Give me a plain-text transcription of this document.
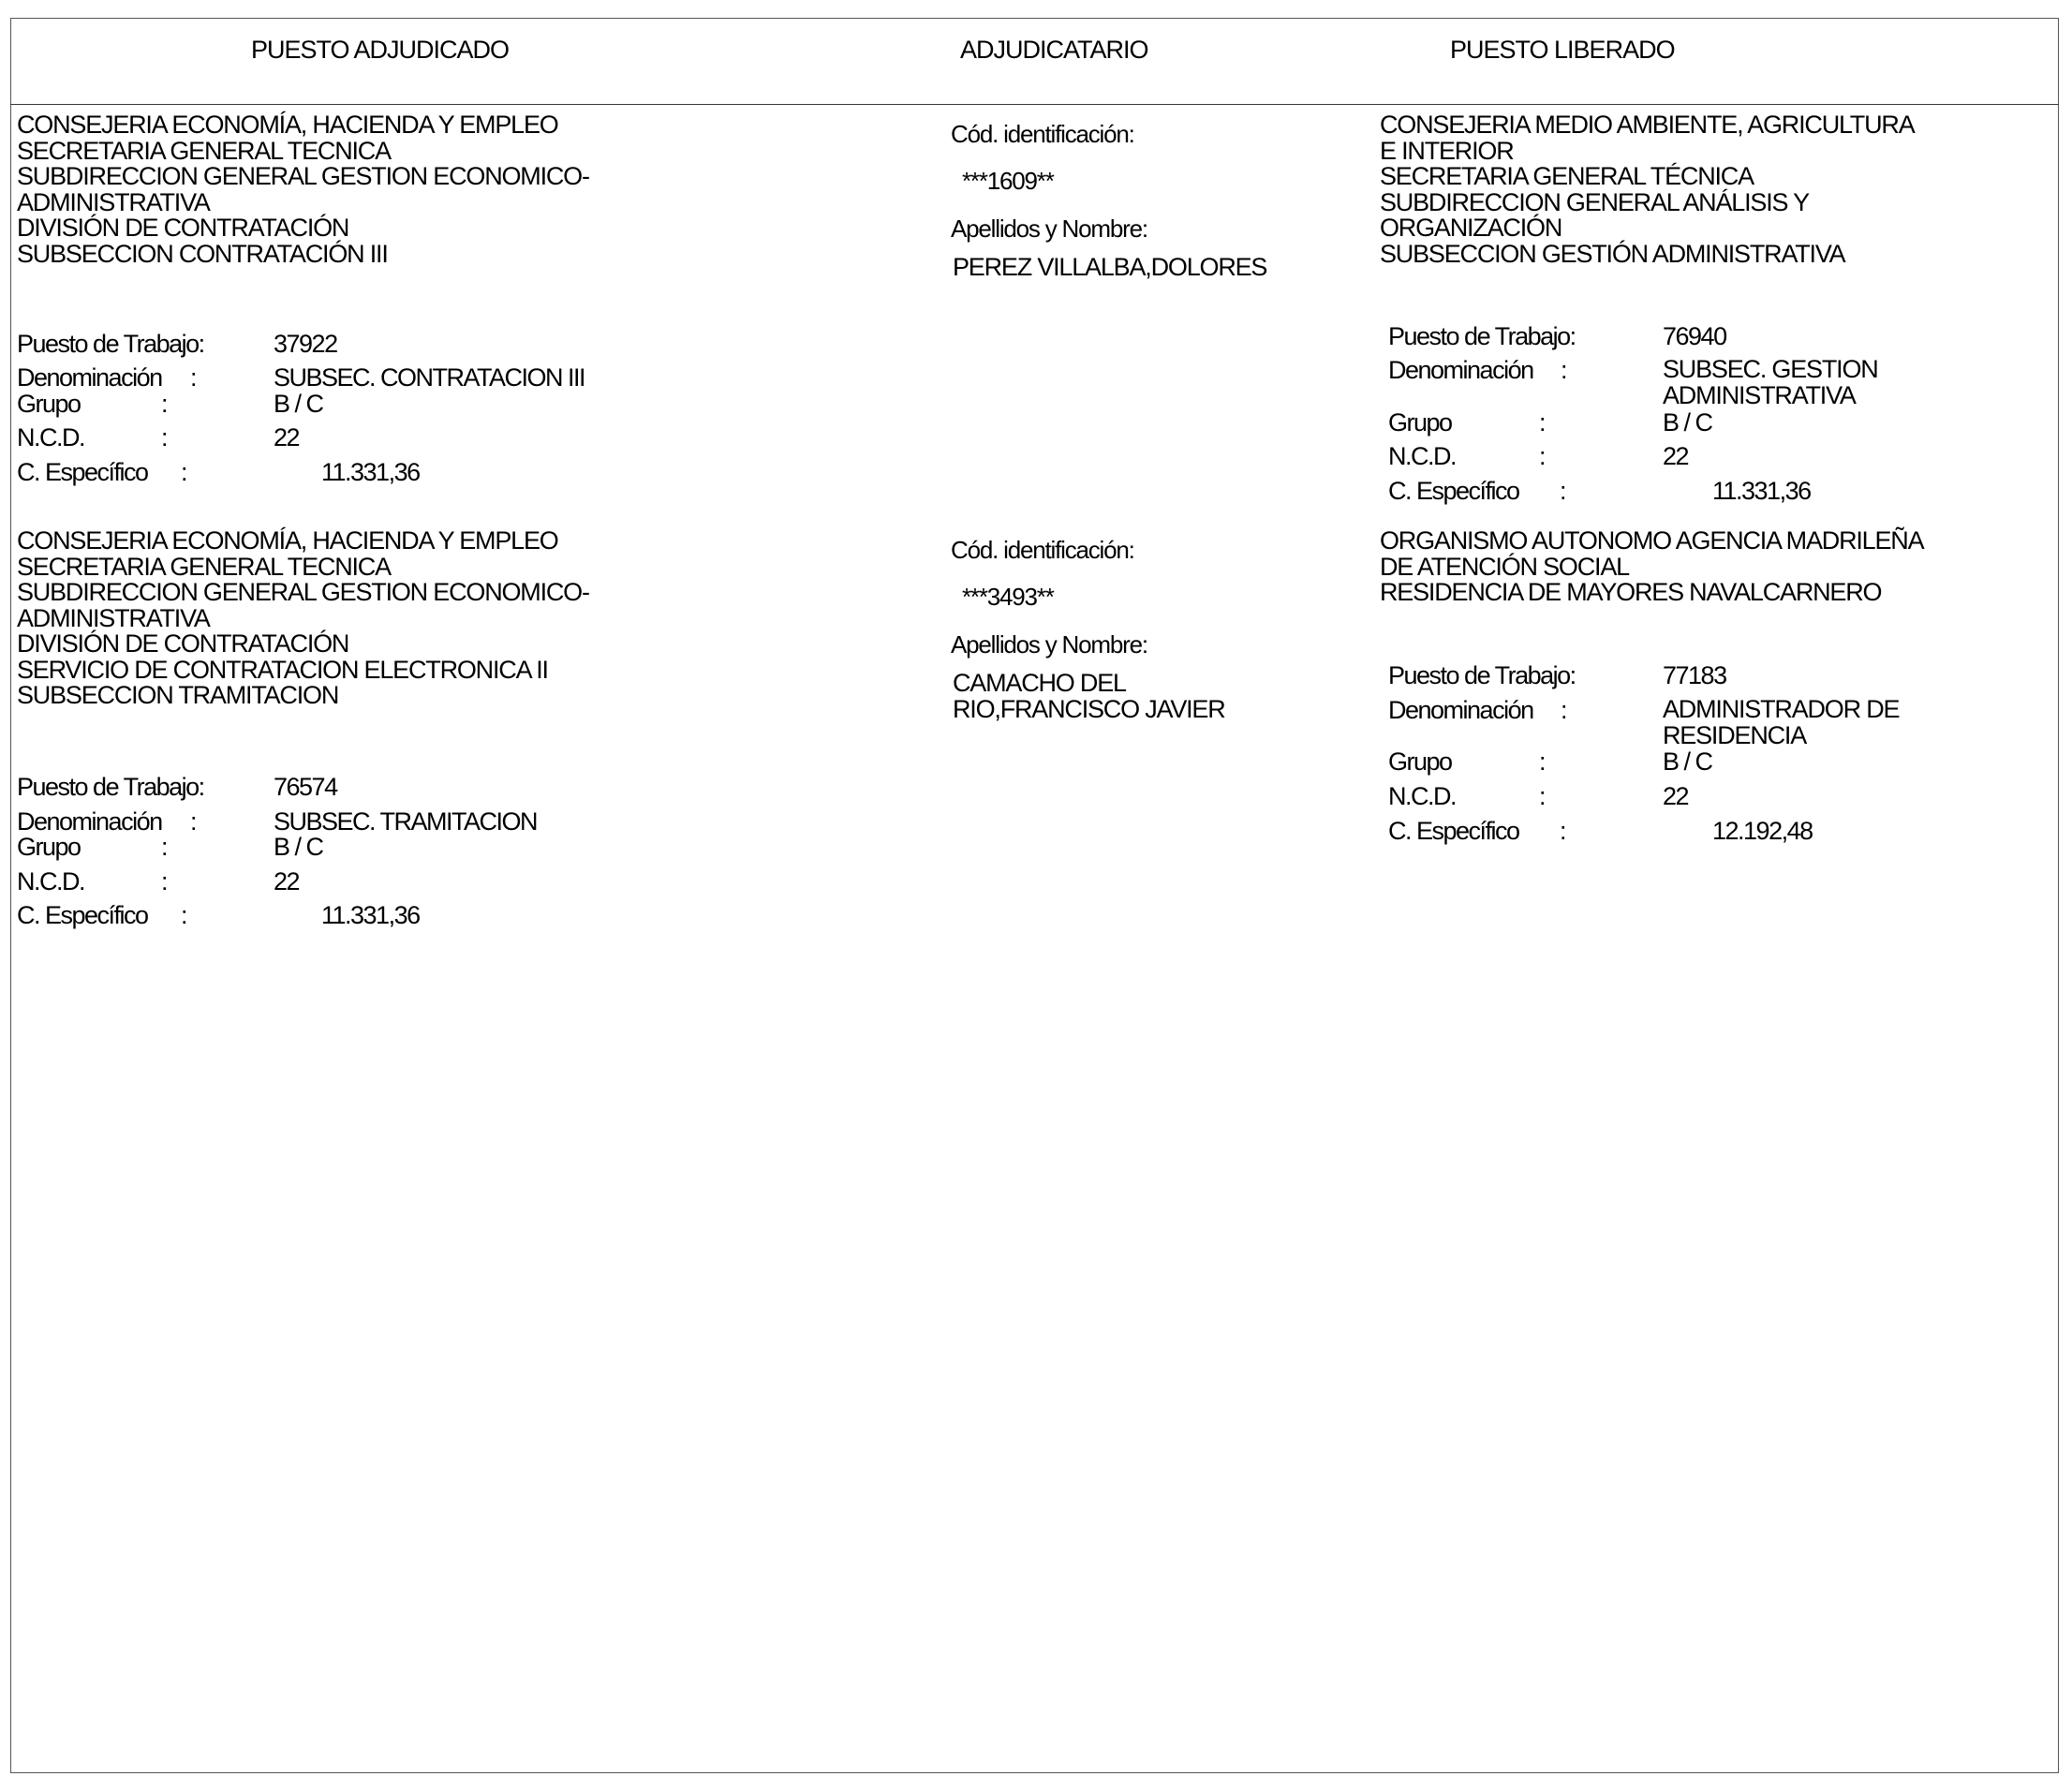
PUESTO ADJUDICADO	ADJUDICATARIO	PUESTO LIBERADO
CONSEJERIA ECONOMÍA, HACIENDA Y EMPLEO
SECRETARIA GENERAL TECNICA
SUBDIRECCION GENERAL GESTION ECONOMICO-
ADMINISTRATIVA
DIVISIÓN DE CONTRATACIÓN
SUBSECCION CONTRATACIÓN III
Puesto de Trabajo:	37922
Denominación :	SUBSEC. CONTRATACION III
Grupo	:	B / C
N.C.D.	:	22
C. Específico :	11.331,36
Cód. identificación:
***1609**
Apellidos y Nombre:
PEREZ VILLALBA,DOLORES
CONSEJERIA MEDIO AMBIENTE, AGRICULTURA
E INTERIOR
SECRETARIA GENERAL TÉCNICA
SUBDIRECCION GENERAL ANÁLISIS Y
ORGANIZACIÓN
SUBSECCION GESTIÓN ADMINISTRATIVA
Puesto de Trabajo:	76940
Denominación :	SUBSEC. GESTION
ADMINISTRATIVA
Grupo	:	B / C
N.C.D.	:	22
C. Específico :	11.331,36
CONSEJERIA ECONOMÍA, HACIENDA Y EMPLEO
SECRETARIA GENERAL TECNICA
SUBDIRECCION GENERAL GESTION ECONOMICO-
ADMINISTRATIVA
DIVISIÓN DE CONTRATACIÓN
SERVICIO DE CONTRATACION ELECTRONICA II
SUBSECCION TRAMITACION
Puesto de Trabajo:	76574
Denominación :	SUBSEC. TRAMITACION
Grupo	:	B / C
N.C.D.	:	22
C. Específico :	11.331,36
Cód. identificación:
***3493**
Apellidos y Nombre:
CAMACHO DEL
RIO,FRANCISCO JAVIER
ORGANISMO AUTONOMO AGENCIA MADRILEÑA
DE ATENCIÓN SOCIAL
RESIDENCIA DE MAYORES NAVALCARNERO
Puesto de Trabajo:	77183
Denominación :	ADMINISTRADOR DE
RESIDENCIA
Grupo	:	B / C
N.C.D.	:	22
C. Específico :	12.192,48
